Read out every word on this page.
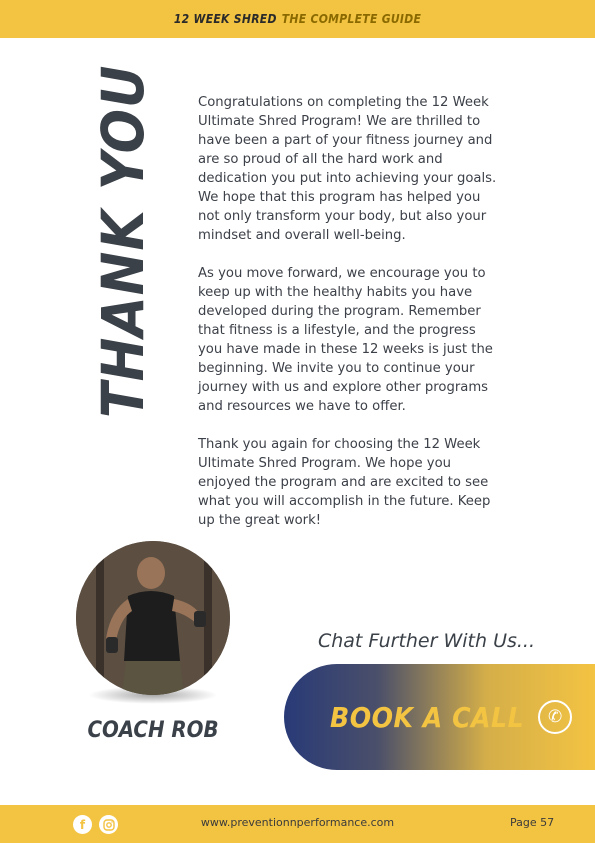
12 WEEK SHRED THE COMPLETE GUIDE
THANK YOU	Congratulations on completing the 12 Week Ultimate Shred Program! We are thrilled to have been a part of your fitness journey and are so proud of all the hard work and dedication you put into achieving your goals. We hope that this program has helped you not only transform your body, but also your mindset and overall well-being.

As you move forward, we encourage you to keep up with the healthy habits you have developed during the program. Remember that fitness is a lifestyle, and the progress you have made in these 12 weeks is just the beginning. We invite you to continue your journey with us and explore other programs and resources we have to offer.

Thank you again for choosing the 12 Week Ultimate Shred Program. We hope you enjoyed the program and are excited to see what you will accomplish in the future. Keep up the great work!

COACH ROB
Chat Further With Us...
BOOK A CALL	✆
f	www.preventionnperformance.com	Page 57
